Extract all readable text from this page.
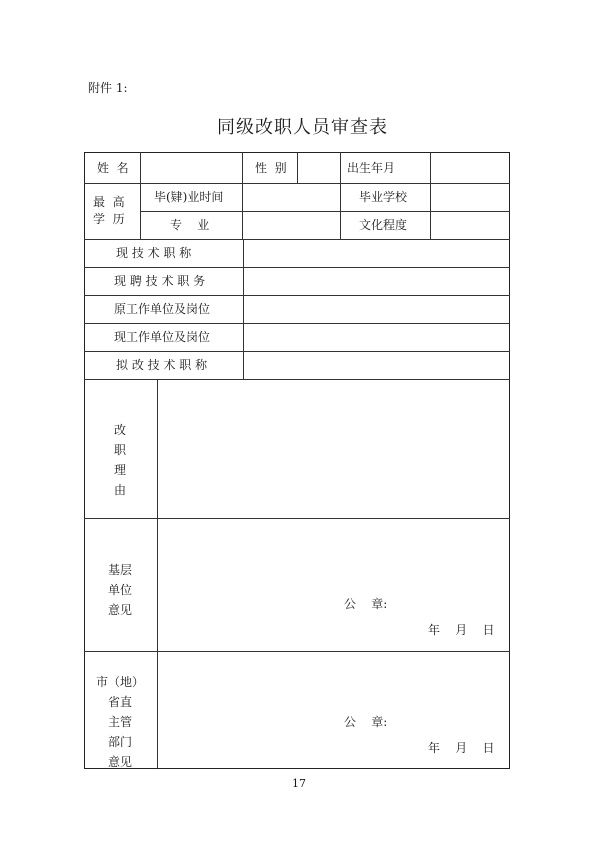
附件 1:
同级改职人员审查表
姓  名	性  别	出生年月
最  高
学  历
毕(肄)业时间	毕业学校
专    业	文化程度
现 技 术 职 称
现 聘 技 术 职 务
原工作单位及岗位
现工作单位及岗位
拟 改 技 术 职 称
改
职
理
由
基层
单位
意见	公    章:
年    月    日
市（地）
省直
主管
部门
意见
公    章:
年    月    日
17
